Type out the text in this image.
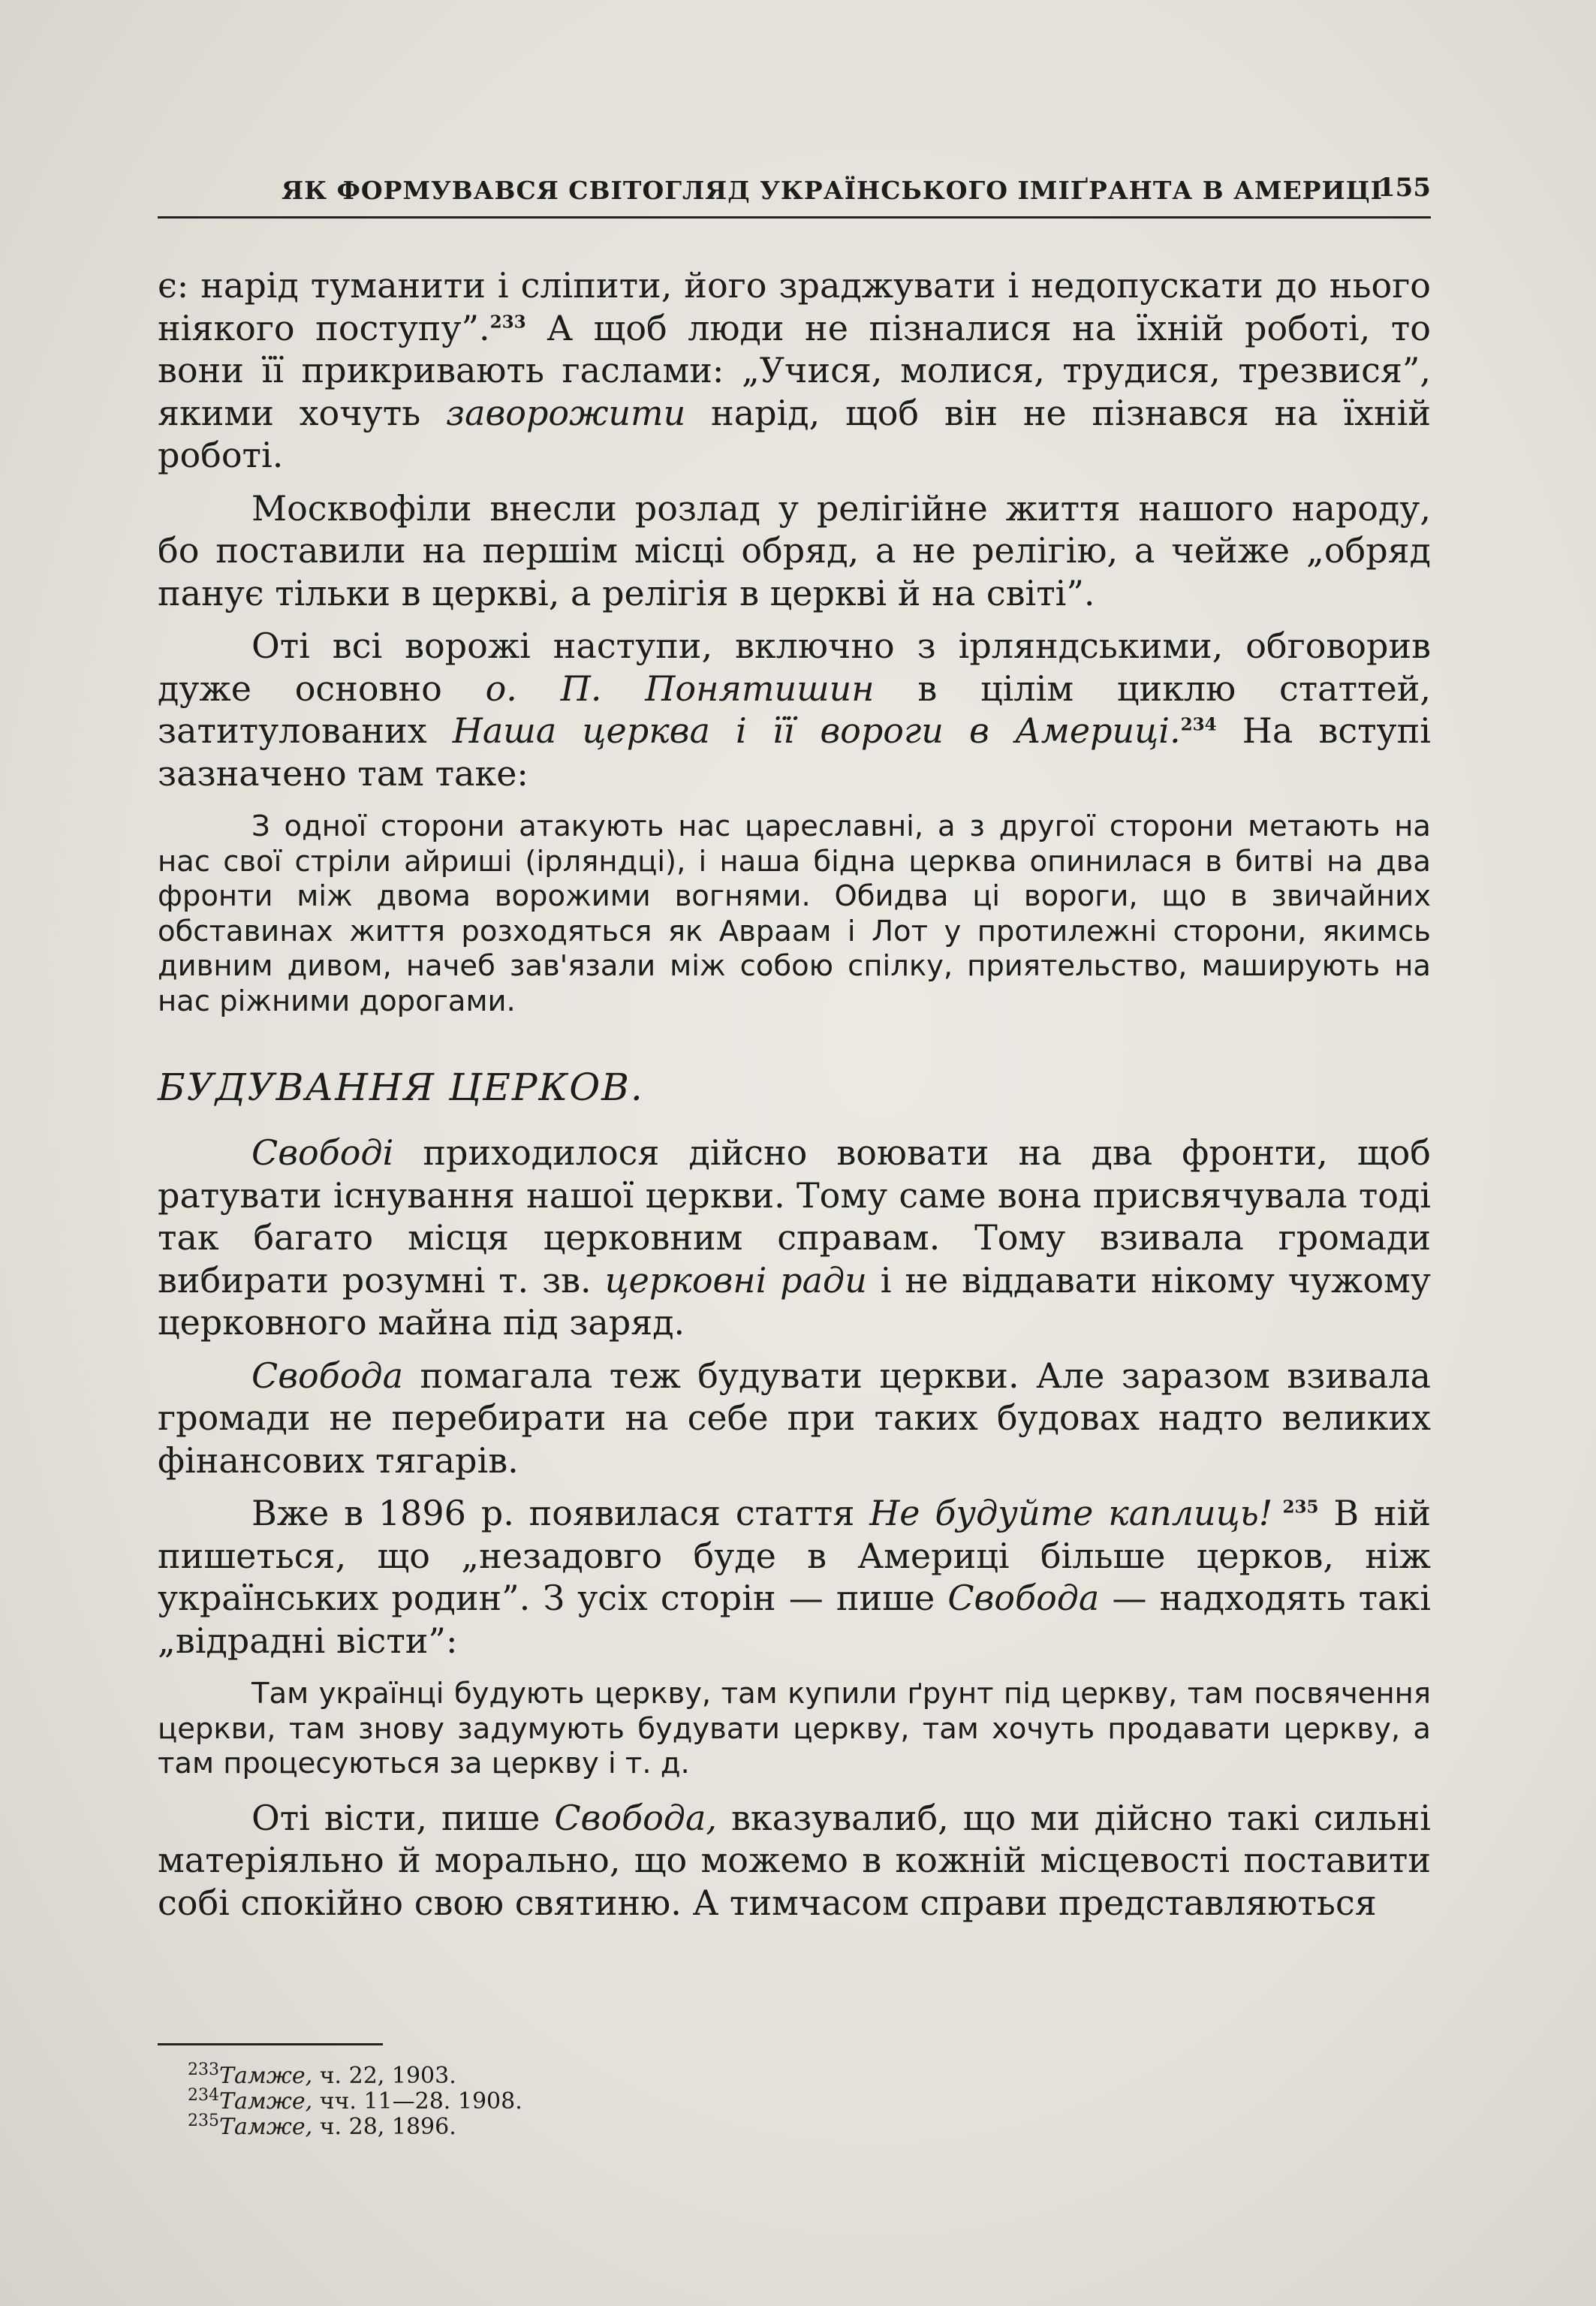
ЯК ФОРМУВАВСЯ СВІТОГЛЯД УКРАЇНСЬКОГО ІМІҐРАНТА В АМЕРИЦІ
155

є: нарід туманити і сліпити, його зраджувати і недопускати до нього ніякого поступу”.$^{233}$ А щоб люди не пізналися на їхній роботі, то вони її прикривають гаслами: „Учися, молися, трудися, трезвися”, якими хочуть заворожити нарід, щоб він не пізнався на їхній роботі.

Москвофіли внесли розлад у релігійне життя нашого народу, бо поставили на першім місці обряд, а не релігію, а чейже „обряд панує тільки в церкві, а релігія в церкві й на світі”.

Оті всі ворожі наступи, включно з ірляндськими, обговорив дуже основно о. П. Понятишин в цілім циклю статтей, затитулованих Наша церква і її вороги в Америці.$^{234}$ На вступі зазначено там таке:

З одної сторони атакують нас цареславні, а з другої сторони метають на нас свої стріли айриші (ірляндці), і наша бідна церква опинилася в битві на два фронти між двома ворожими вогнями. Обидва ці вороги, що в звичайних обставинах життя розходяться як Авраам і Лот у протилежні сторони, якимсь дивним дивом, начеб зав'язали між собою спілку, приятельство, маширують на нас ріжними дорогами.

БУДУВАННЯ ЦЕРКОВ.

Свободі приходилося дійсно воювати на два фронти, щоб ратувати існування нашої церкви. Тому саме вона присвячувала тоді так багато місця церковним справам. Тому взивала громади вибирати розумні т. зв. церковні ради і не віддавати нікому чужому церковного майна під заряд.

Свобода помагала теж будувати церкви. Але заразом взивала громади не перебирати на себе при таких будовах надто великих фінансових тягарів.

Вже в 1896 р. появилася стаття Не будуйте каплиць! $^{235}$ В ній пишеться, що „незадовго буде в Америці більше церков, ніж українських родин”. З усіх сторін — пише Свобода — надходять такі „відрадні вісти”:

Там українці будують церкву, там купили ґрунт під церкву, там посвячення церкви, там знову задумують будувати церкву, там хочуть продавати церкву, а там процесуються за церкву і т. д.

Оті вісти, пише Свобода, вказувалиб, що ми дійсно такі сильні матеріяльно й морально, що можемо в кожній місцевості поставити собі спокійно свою святиню. А тимчасом справи представляються

$^{233}$Тамже, ч. 22, 1903.
$^{234}$Тамже, чч. 11—28. 1908.
$^{235}$Тамже, ч. 28, 1896.
